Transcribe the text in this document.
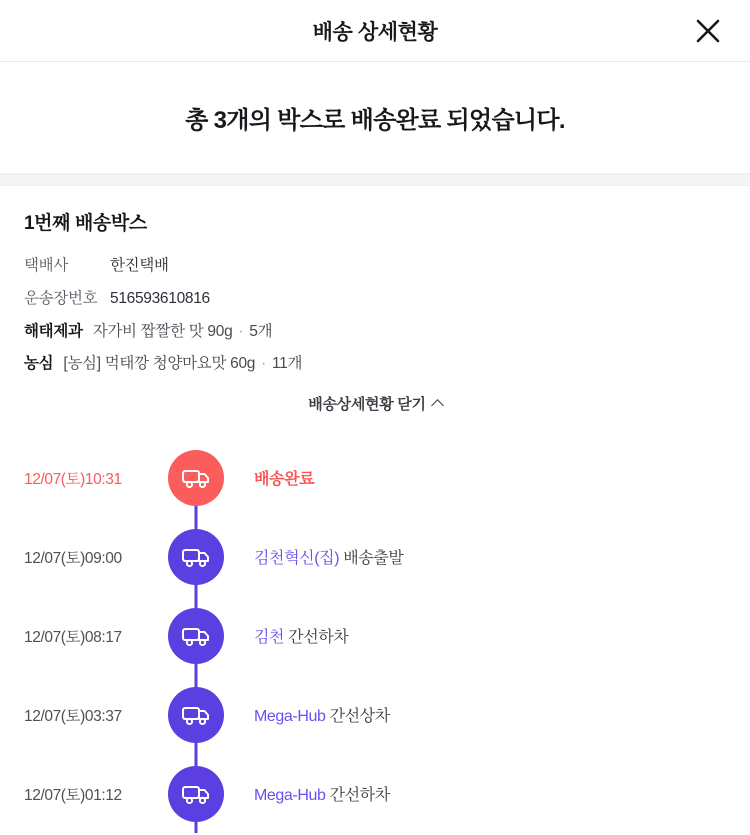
배송 상세현황
총 3개의 박스로 배송완료 되었습니다.
1번째 배송박스
택배사	한진택배
운송장번호 516593610816
해태제과 자가비 짭짤한 맛 90g · 5개
농심 [농심] 먹태깡 청양마요맛 60g · 11개
배송상세현황 닫기
12/07(토)10:31	배송완료
12/07(토)09:00	김천혁신(집) 배송출발
12/07(토)08:17	김천 간선하차
12/07(토)03:37	Mega-Hub 간선상차
12/07(토)01:12	Mega-Hub 간선하차
